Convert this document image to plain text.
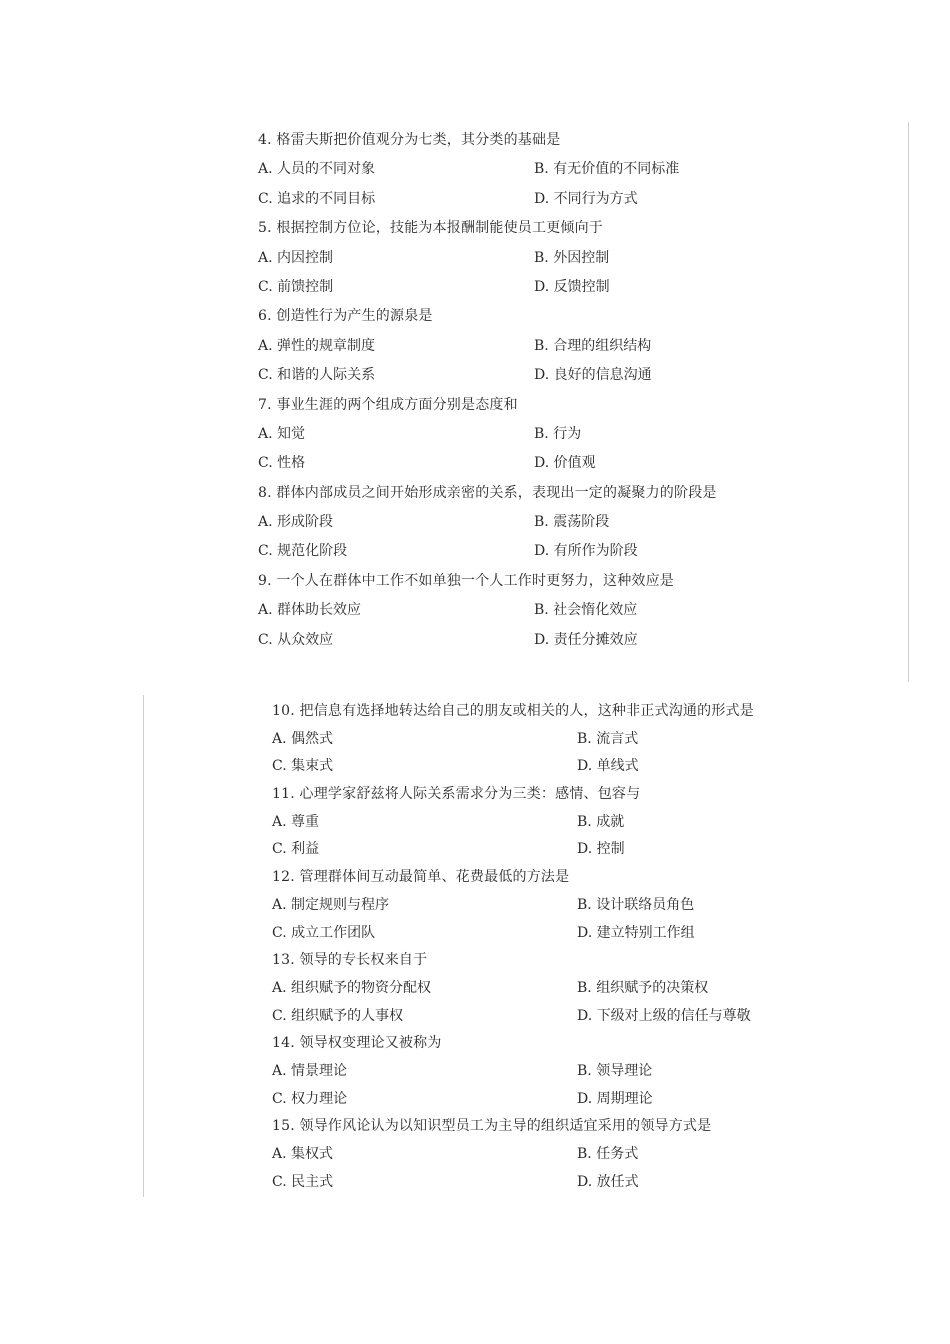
4. 格雷夫斯把价值观分为七类，其分类的基础是
A. 人员的不同对象	B. 有无价值的不同标准
C. 追求的不同目标	D. 不同行为方式
5. 根据控制方位论，技能为本报酬制能使员工更倾向于
A. 内因控制	B. 外因控制
C. 前馈控制	D. 反馈控制
6. 创造性行为产生的源泉是
A. 弹性的规章制度	B. 合理的组织结构
C. 和谐的人际关系	D. 良好的信息沟通
7. 事业生涯的两个组成方面分别是态度和
A. 知觉	B. 行为
C. 性格	D. 价值观
8. 群体内部成员之间开始形成亲密的关系，表现出一定的凝聚力的阶段是
A. 形成阶段	B. 震荡阶段
C. 规范化阶段	D. 有所作为阶段
9. 一个人在群体中工作不如单独一个人工作时更努力，这种效应是
A. 群体助长效应	B. 社会惰化效应
C. 从众效应	D. 责任分摊效应
10. 把信息有选择地转达给自己的朋友或相关的人，这种非正式沟通的形式是
A. 偶然式	B. 流言式
C. 集束式	D. 单线式
11. 心理学家舒兹将人际关系需求分为三类：感情、包容与
A. 尊重	B. 成就
C. 利益	D. 控制
12. 管理群体间互动最简单、花费最低的方法是
A. 制定规则与程序	B. 设计联络员角色
C. 成立工作团队	D. 建立特别工作组
13. 领导的专长权来自于
A. 组织赋予的物资分配权	B. 组织赋予的决策权
C. 组织赋予的人事权	D. 下级对上级的信任与尊敬
14. 领导权变理论又被称为
A. 情景理论	B. 领导理论
C. 权力理论	D. 周期理论
15. 领导作风论认为以知识型员工为主导的组织适宜采用的领导方式是
A. 集权式	B. 任务式
C. 民主式	D. 放任式
